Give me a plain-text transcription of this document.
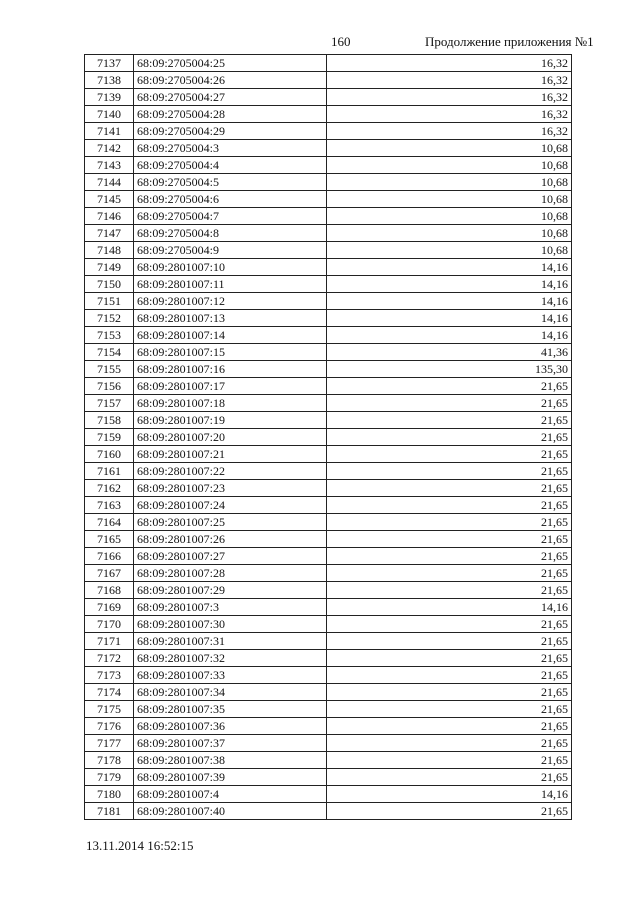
160	Продолжение приложения №1
7137	68:09:2705004:25	16,32
7138	68:09:2705004:26	16,32
7139	68:09:2705004:27	16,32
7140	68:09:2705004:28	16,32
7141	68:09:2705004:29	16,32
7142	68:09:2705004:3	10,68
7143	68:09:2705004:4	10,68
7144	68:09:2705004:5	10,68
7145	68:09:2705004:6	10,68
7146	68:09:2705004:7	10,68
7147	68:09:2705004:8	10,68
7148	68:09:2705004:9	10,68
7149	68:09:2801007:10	14,16
7150	68:09:2801007:11	14,16
7151	68:09:2801007:12	14,16
7152	68:09:2801007:13	14,16
7153	68:09:2801007:14	14,16
7154	68:09:2801007:15	41,36
7155	68:09:2801007:16	135,30
7156	68:09:2801007:17	21,65
7157	68:09:2801007:18	21,65
7158	68:09:2801007:19	21,65
7159	68:09:2801007:20	21,65
7160	68:09:2801007:21	21,65
7161	68:09:2801007:22	21,65
7162	68:09:2801007:23	21,65
7163	68:09:2801007:24	21,65
7164	68:09:2801007:25	21,65
7165	68:09:2801007:26	21,65
7166	68:09:2801007:27	21,65
7167	68:09:2801007:28	21,65
7168	68:09:2801007:29	21,65
7169	68:09:2801007:3	14,16
7170	68:09:2801007:30	21,65
7171	68:09:2801007:31	21,65
7172	68:09:2801007:32	21,65
7173	68:09:2801007:33	21,65
7174	68:09:2801007:34	21,65
7175	68:09:2801007:35	21,65
7176	68:09:2801007:36	21,65
7177	68:09:2801007:37	21,65
7178	68:09:2801007:38	21,65
7179	68:09:2801007:39	21,65
7180	68:09:2801007:4	14,16
7181	68:09:2801007:40	21,65
13.11.2014 16:52:15
